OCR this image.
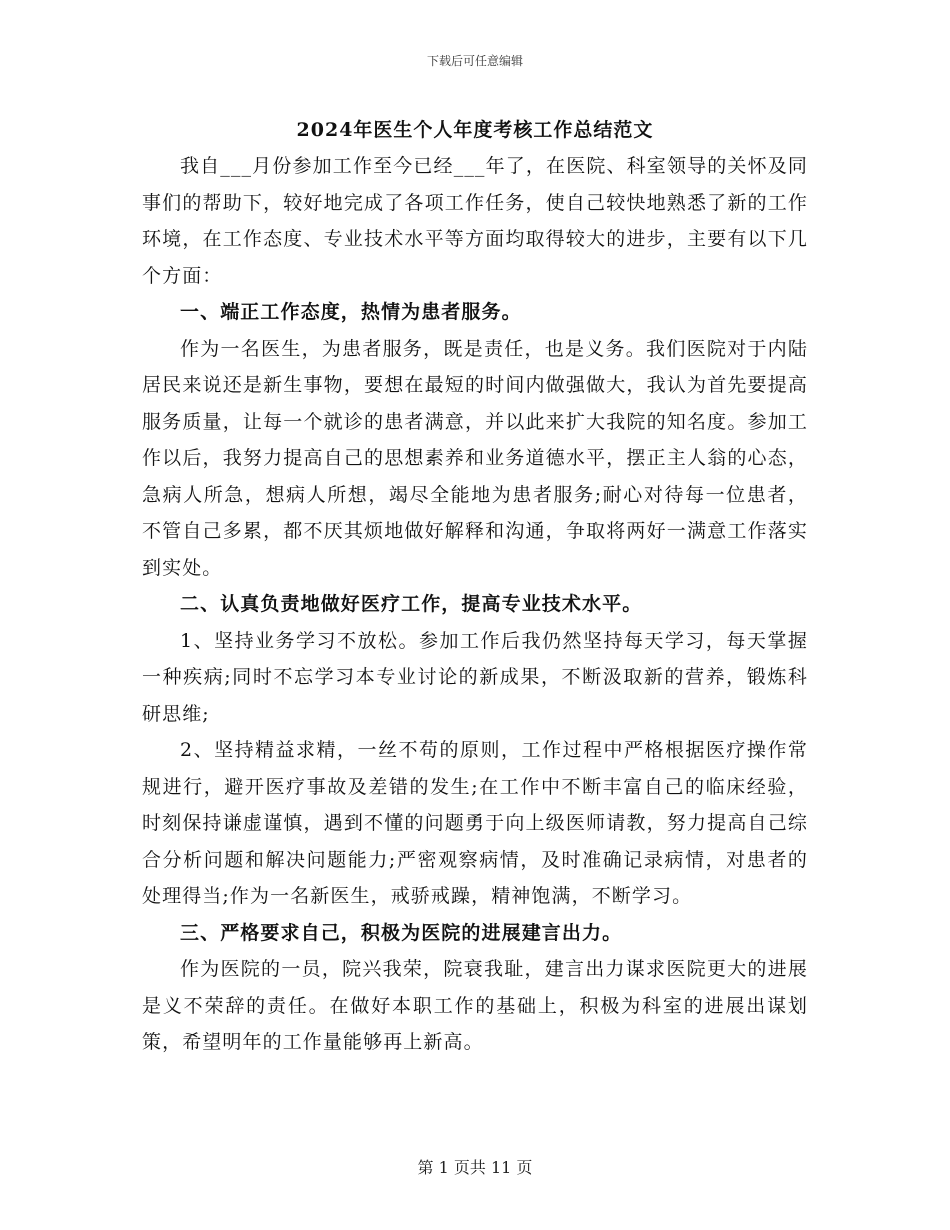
下载后可任意编辑
2024年医生个人年度考核工作总结范文

我自___月份参加工作至今已经___年了，在医院、科室领导的关怀及同事们的帮助下，较好地完成了各项工作任务，使自己较快地熟悉了新的工作环境，在工作态度、专业技术水平等方面均取得较大的进步，主要有以下几个方面：

一、端正工作态度，热情为患者服务。

作为一名医生，为患者服务，既是责任，也是义务。我们医院对于内陆居民来说还是新生事物，要想在最短的时间内做强做大，我认为首先要提高服务质量，让每一个就诊的患者满意，并以此来扩大我院的知名度。参加工作以后，我努力提高自己的思想素养和业务道德水平，摆正主人翁的心态，急病人所急，想病人所想，竭尽全能地为患者服务;耐心对待每一位患者，不管自己多累，都不厌其烦地做好解释和沟通，争取将两好一满意工作落实到实处。

二、认真负责地做好医疗工作，提高专业技术水平。

1、坚持业务学习不放松。参加工作后我仍然坚持每天学习，每天掌握一种疾病;同时不忘学习本专业讨论的新成果，不断汲取新的营养，锻炼科研思维;

2、坚持精益求精，一丝不苟的原则，工作过程中严格根据医疗操作常规进行，避开医疗事故及差错的发生;在工作中不断丰富自己的临床经验，时刻保持谦虚谨慎，遇到不懂的问题勇于向上级医师请教，努力提高自己综合分析问题和解决问题能力;严密观察病情，及时准确记录病情，对患者的处理得当;作为一名新医生，戒骄戒躁，精神饱满，不断学习。

三、严格要求自己，积极为医院的进展建言出力。

作为医院的一员，院兴我荣，院衰我耻，建言出力谋求医院更大的进展是义不荣辞的责任。在做好本职工作的基础上，积极为科室的进展出谋划策，希望明年的工作量能够再上新高。

第 1 页共 11 页
